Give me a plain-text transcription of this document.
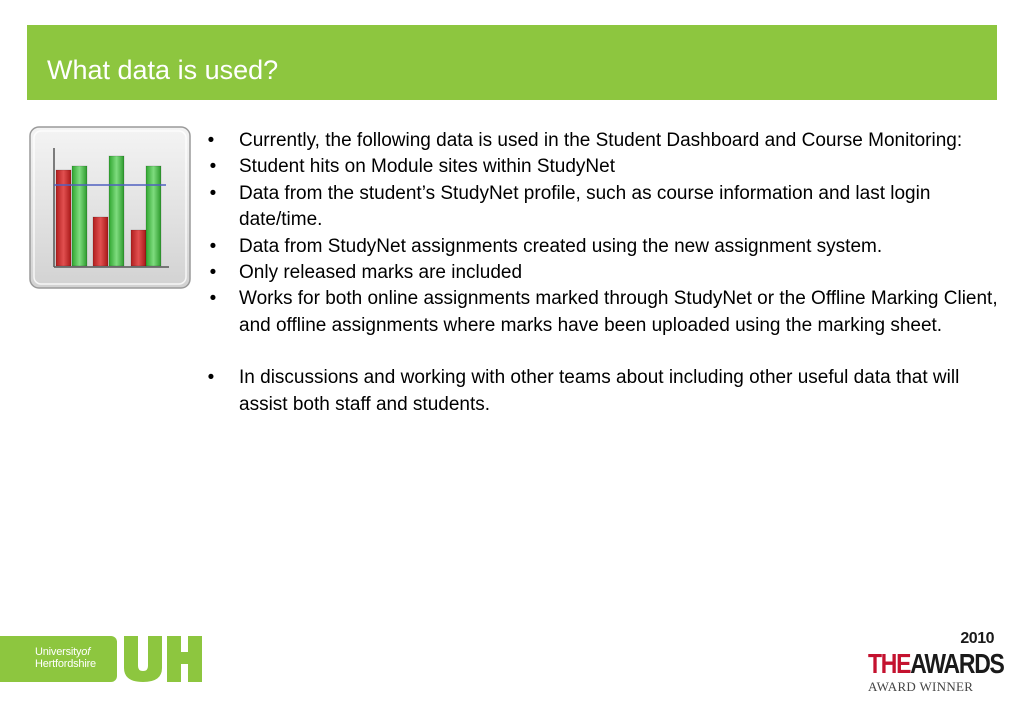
What data is used?
• Currently, the following data is used in the Student Dashboard and Course Monitoring:
• Student hits on Module sites within StudyNet
• Data from the student’s StudyNet profile, such as course information and last login date/time.
• Data from StudyNet assignments created using the new assignment system.
• Only released marks are included
• Works for both online assignments marked through StudyNet or the Offline Marking Client, and offline assignments where marks have been uploaded using the marking sheet.
• In discussions and working with other teams about including other useful data that will assist both staff and students.
Universityof
Hertfordshire
2010
THEAWARDS
AWARD WINNER
